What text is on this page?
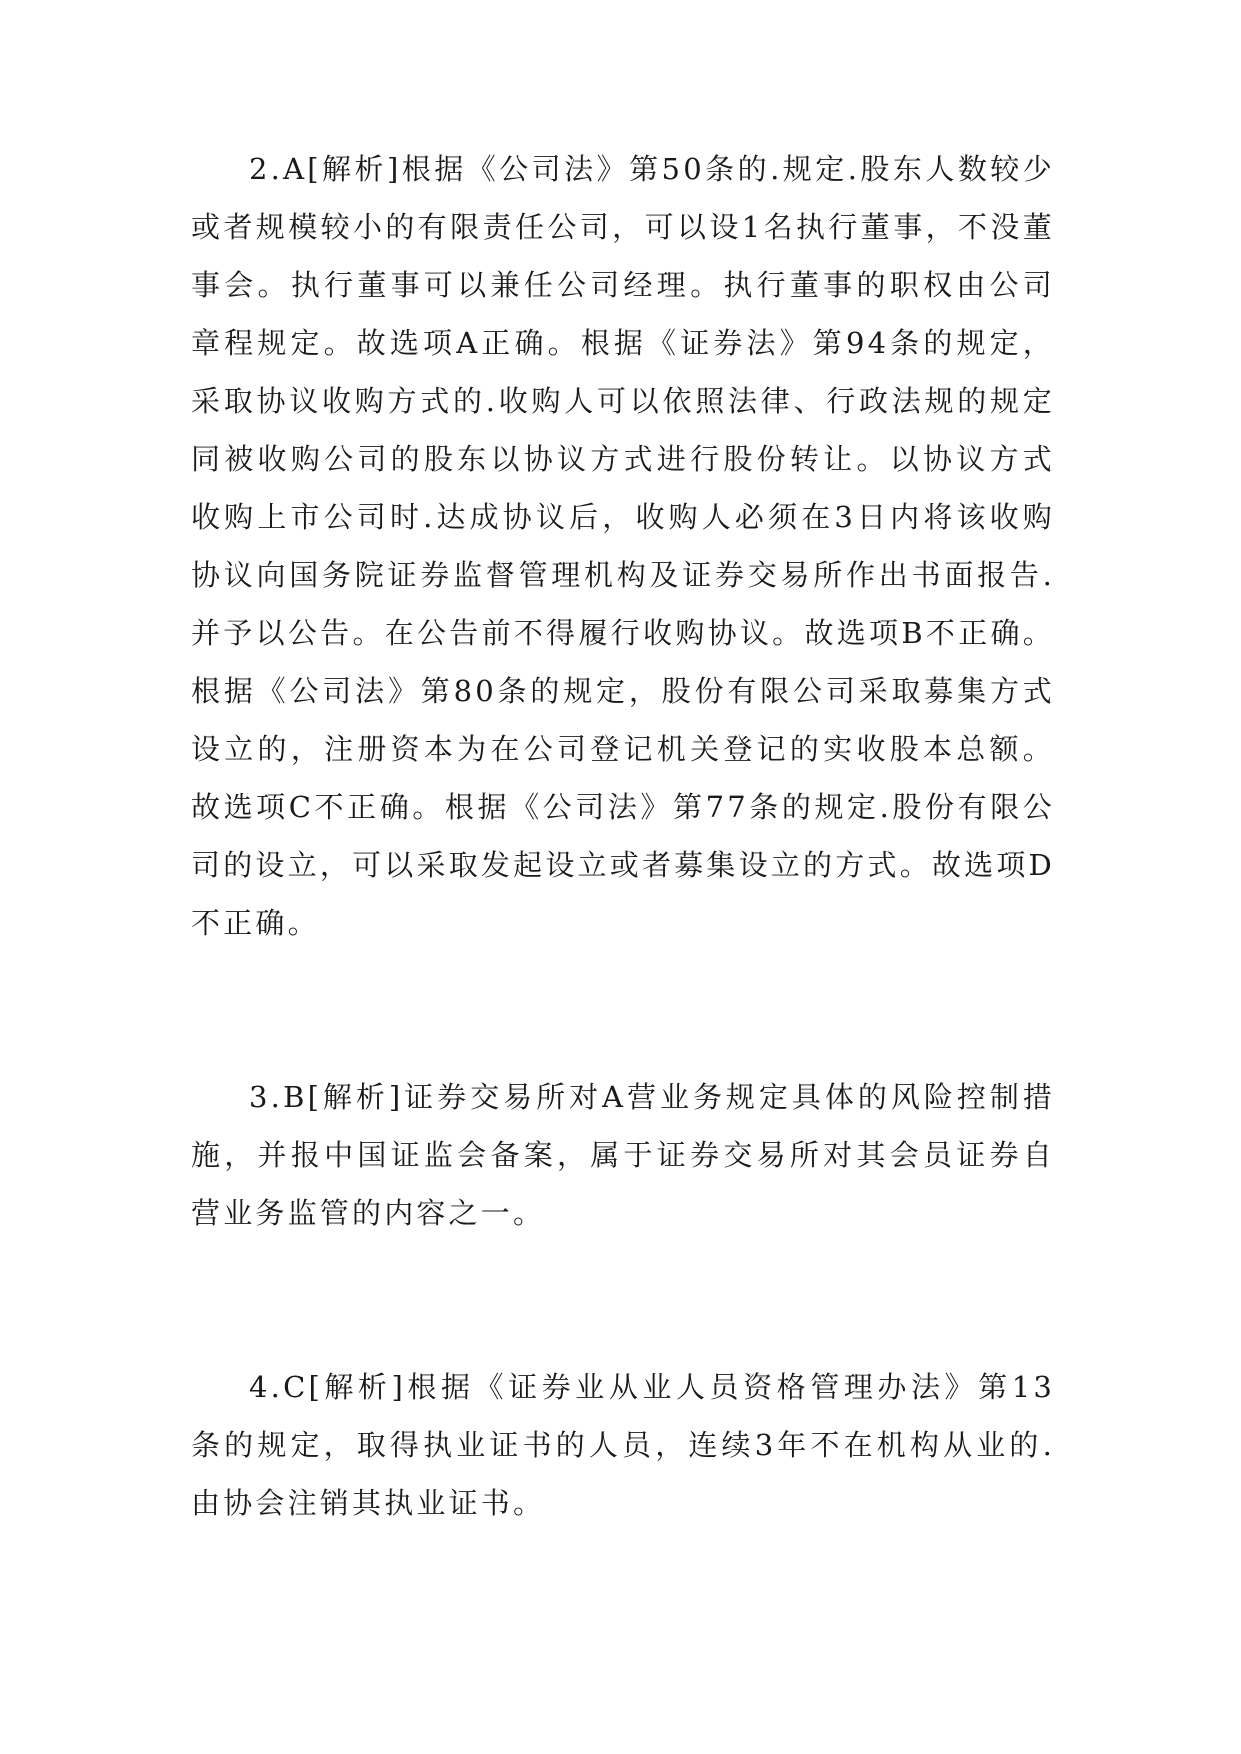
2.A[解析]根据《公司法》第50条的.规定.股东人数较少或者规模较小的有限责任公司，可以设1名执行董事，不没董事会。执行董事可以兼任公司经理。执行董事的职权由公司章程规定。故选项A正确。根据《证券法》第94条的规定，采取协议收购方式的.收购人可以依照法律、行政法规的规定同被收购公司的股东以协议方式进行股份转让。以协议方式收购上市公司时.达成协议后，收购人必须在3日内将该收购协议向国务院证券监督管理机构及证券交易所作出书面报告.并予以公告。在公告前不得履行收购协议。故选项B不正确。根据《公司法》第80条的规定，股份有限公司采取募集方式设立的，注册资本为在公司登记机关登记的实收股本总额。故选项C不正确。根据《公司法》第77条的规定.股份有限公司的设立，可以采取发起设立或者募集设立的方式。故选项D不正确。

3.B[解析]证券交易所对A营业务规定具体的风险控制措施，并报中国证监会备案，属于证券交易所对其会员证券自营业务监管的内容之一。

4.C[解析]根据《证券业从业人员资格管理办法》第13条的规定，取得执业证书的人员，连续3年不在机构从业的.由协会注销其执业证书。
